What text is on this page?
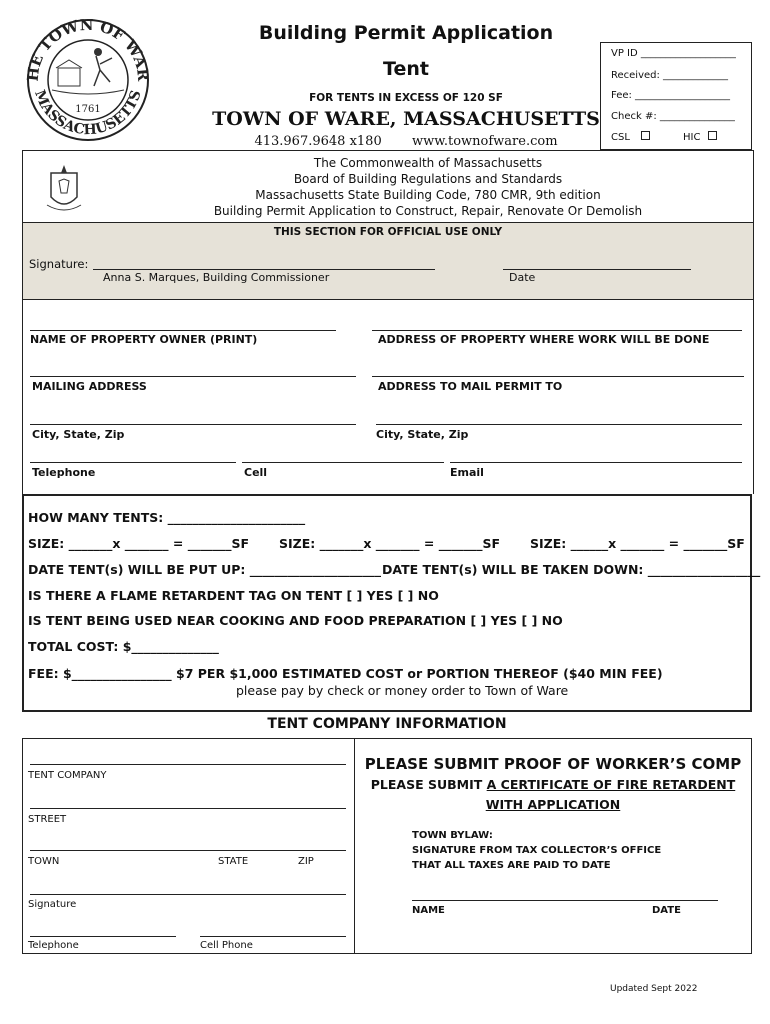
HE TOWN OF WAR
MASSACHUSETTS
1761
Building Permit Application
Tent
FOR TENTS IN EXCESS OF 120 SF
TOWN OF WARE, MASSACHUSETTS
413.967.9648 x180 www.townofware.com
VP ID ___________________
Received: _____________
Fee: ___________________
Check #: _______________
CSL	HIC
The Commonwealth of Massachusetts
Board of Building Regulations and Standards
Massachusetts State Building Code, 780 CMR, 9th edition
Building Permit Application to Construct, Repair, Renovate Or Demolish
THIS SECTION FOR OFFICIAL USE ONLY
Signature:
Anna S. Marques, Building Commissioner	Date
NAME OF PROPERTY OWNER (PRINT)	ADDRESS OF PROPERTY WHERE WORK WILL BE DONE
MAILING ADDRESS	ADDRESS TO MAIL PERMIT TO
City, State, Zip	City, State, Zip
Telephone	Cell	Email
HOW MANY TENTS: ______________________
SIZE: _______x _______ = _______SF SIZE: _______x _______ = _______SF SIZE: ______x _______ = _______SF
DATE TENT(s) WILL BE PUT UP: _____________________ DATE TENT(s) WILL BE TAKEN DOWN: __________________
IS THERE A FLAME RETARDENT TAG ON TENT [ ] YES [ ] NO
IS TENT BEING USED NEAR COOKING AND FOOD PREPARATION [ ] YES [ ] NO
TOTAL COST: $______________
FEE: $________________ $7 PER $1,000 ESTIMATED COST or PORTION THEREOF ($40 MIN FEE)
please pay by check or money order to Town of Ware
TENT COMPANY INFORMATION
TENT COMPANY
STREET
TOWN	STATE	ZIP
Signature
Telephone	Cell Phone
PLEASE SUBMIT PROOF OF WORKER’S COMP
PLEASE SUBMIT A CERTIFICATE OF FIRE RETARDENT
WITH APPLICATION
TOWN BYLAW:
SIGNATURE FROM TAX COLLECTOR’S OFFICE
THAT ALL TAXES ARE PAID TO DATE
NAME	DATE
Updated Sept 2022
